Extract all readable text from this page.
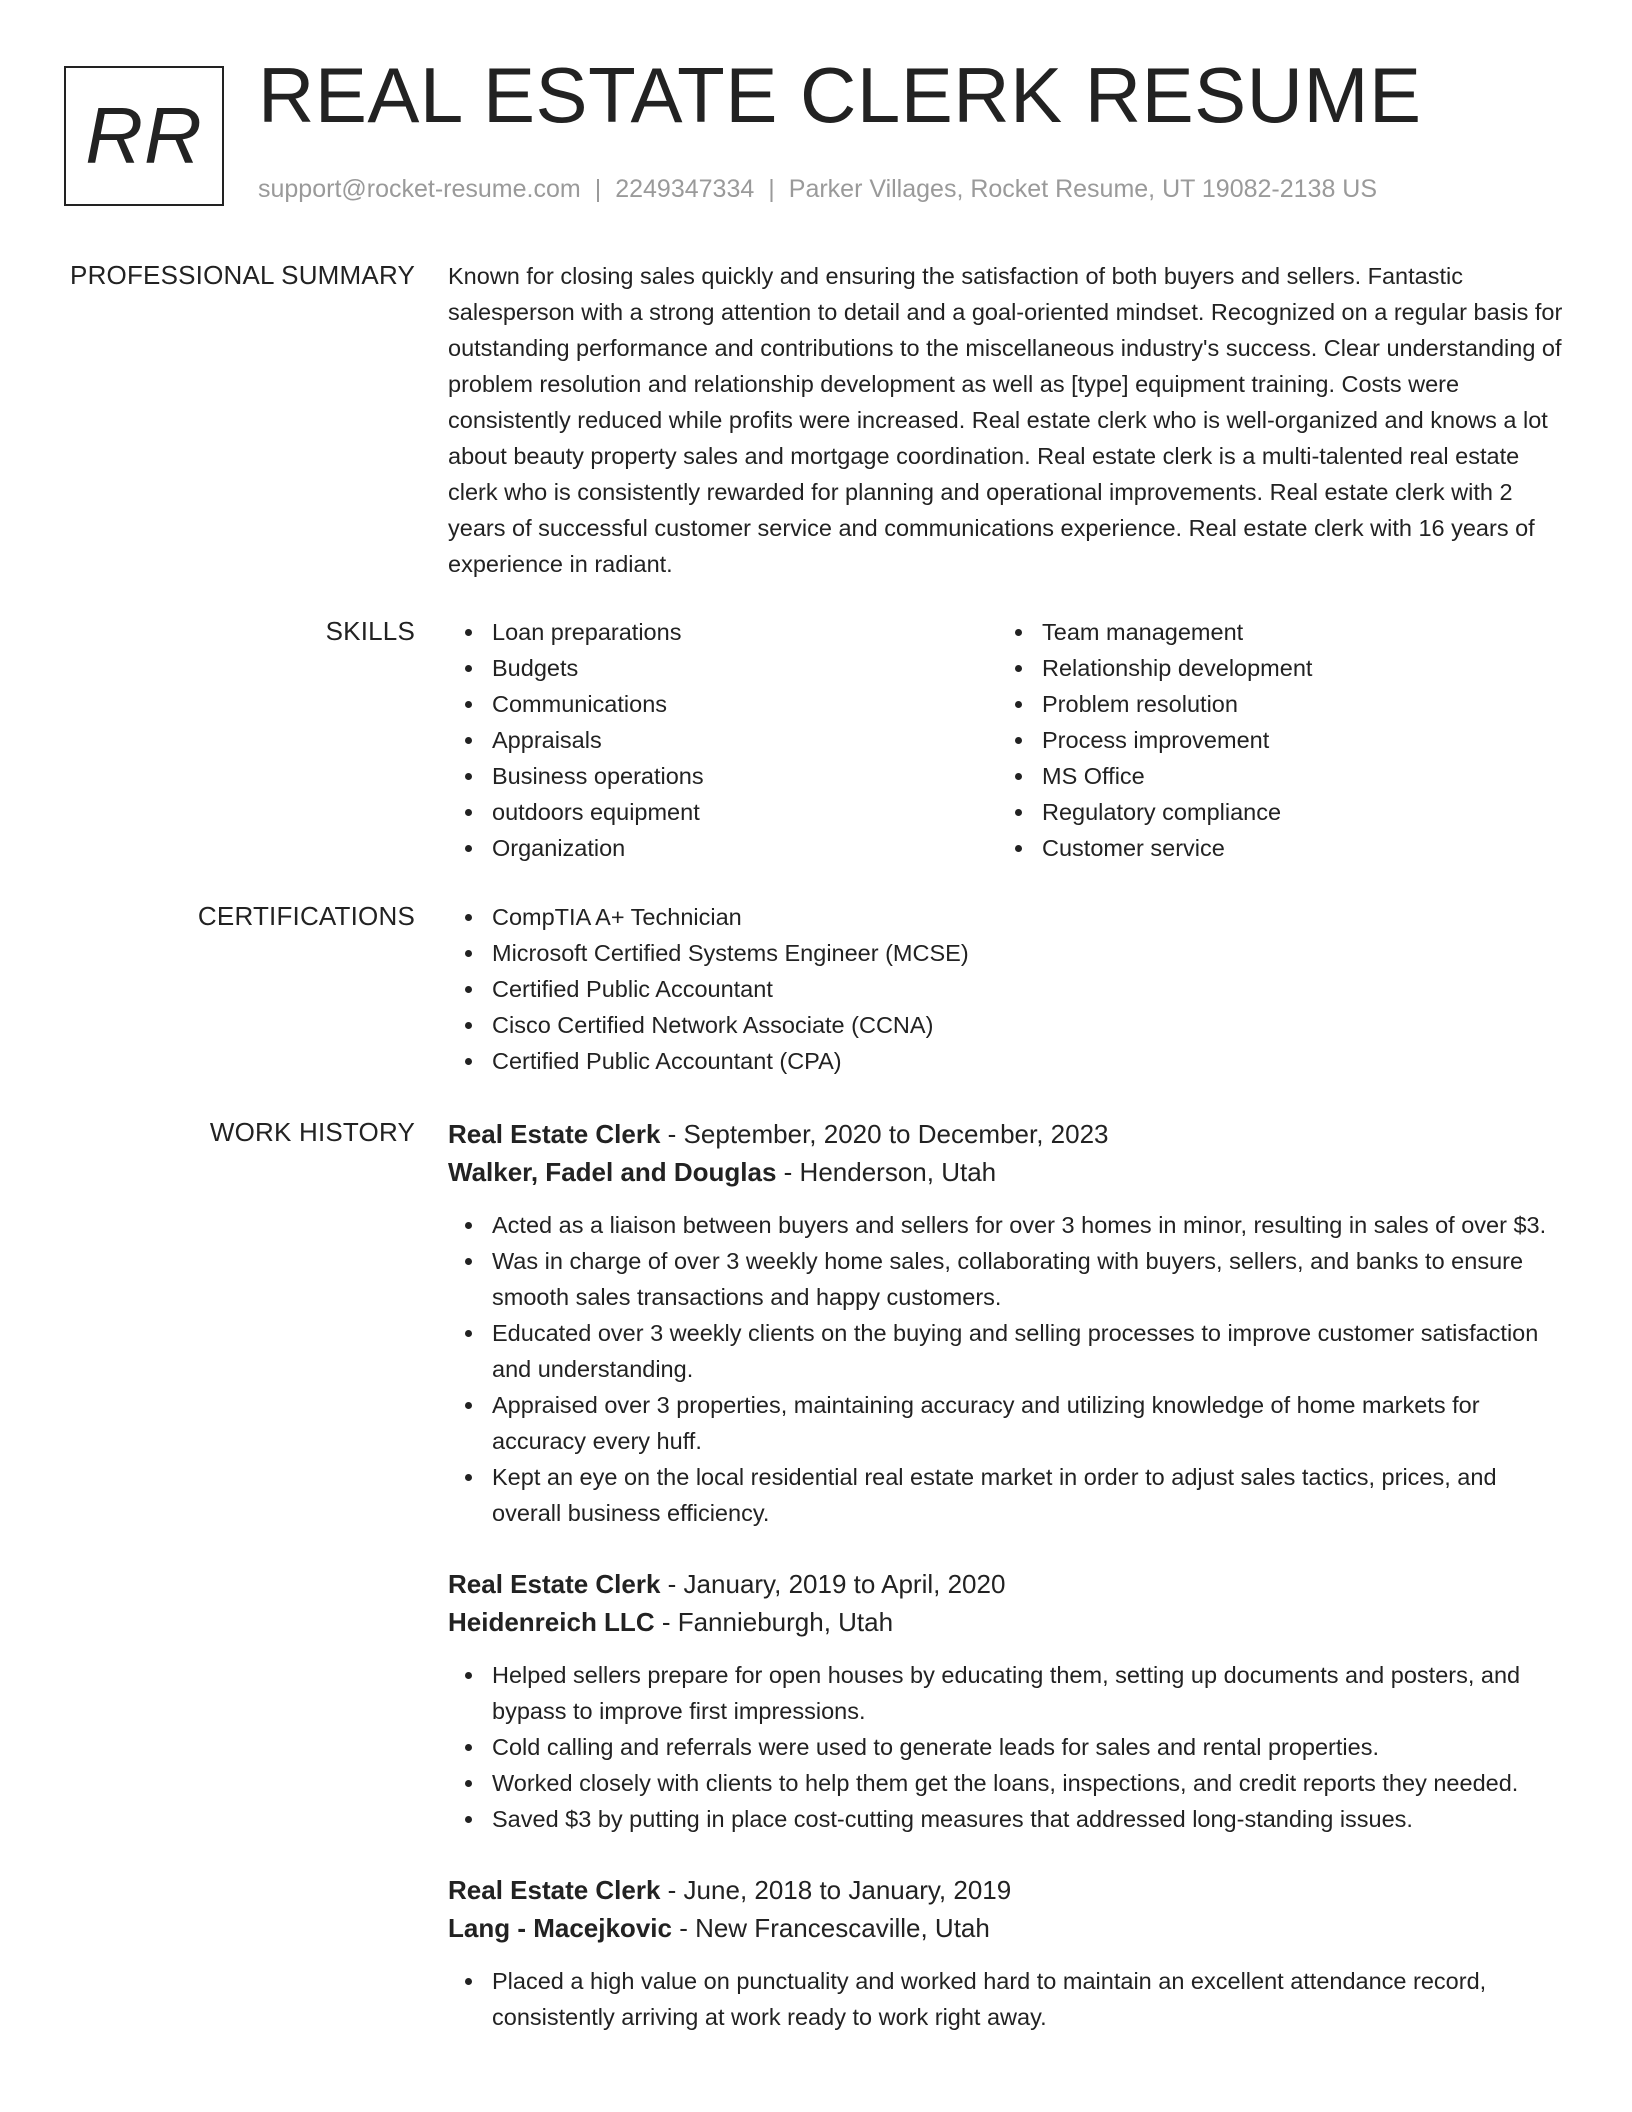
RR REAL ESTATE CLERK RESUME
support@rocket-resume.com | 2249347334 | Parker Villages, Rocket Resume, UT 19082-2138 US
PROFESSIONAL SUMMARY Known for closing sales quickly and ensuring the satisfaction of both buyers and sellers. Fantastic salesperson with a strong attention to detail and a goal-oriented mindset. Recognized on a regular basis for outstanding performance and contributions to the miscellaneous industry's success. Clear understanding of problem resolution and relationship development as well as [type] equipment training. Costs were consistently reduced while profits were increased. Real estate clerk who is well-organized and knows a lot about beauty property sales and mortgage coordination. Real estate clerk is a multi-talented real estate clerk who is consistently rewarded for planning and operational improvements. Real estate clerk with 2 years of successful customer service and communications experience. Real estate clerk with 16 years of experience in radiant.
SKILLS	Loan preparations
Budgets
Communications
Appraisals
Business operations
outdoors equipment
Organization
Team management
Relationship development
Problem resolution
Process improvement
MS Office
Regulatory compliance
Customer service
CERTIFICATIONS	CompTIA A+ Technician
Microsoft Certified Systems Engineer (MCSE)
Certified Public Accountant
Cisco Certified Network Associate (CCNA)
Certified Public Accountant (CPA)
WORK HISTORY Real Estate Clerk - September, 2020 to December, 2023
Walker, Fadel and Douglas - Henderson, Utah
Acted as a liaison between buyers and sellers for over 3 homes in minor, resulting in sales of over $3.
Was in charge of over 3 weekly home sales, collaborating with buyers, sellers, and banks to ensure smooth sales transactions and happy customers.
Educated over 3 weekly clients on the buying and selling processes to improve customer satisfaction and understanding.
Appraised over 3 properties, maintaining accuracy and utilizing knowledge of home markets for accuracy every huff.
Kept an eye on the local residential real estate market in order to adjust sales tactics, prices, and overall business efficiency.
Real Estate Clerk - January, 2019 to April, 2020
Heidenreich LLC - Fannieburgh, Utah
Helped sellers prepare for open houses by educating them, setting up documents and posters, and bypass to improve first impressions.
Cold calling and referrals were used to generate leads for sales and rental properties.
Worked closely with clients to help them get the loans, inspections, and credit reports they needed.
Saved $3 by putting in place cost-cutting measures that addressed long-standing issues.
Real Estate Clerk - June, 2018 to January, 2019
Lang - Macejkovic - New Francescaville, Utah
Placed a high value on punctuality and worked hard to maintain an excellent attendance record, consistently arriving at work ready to work right away.
